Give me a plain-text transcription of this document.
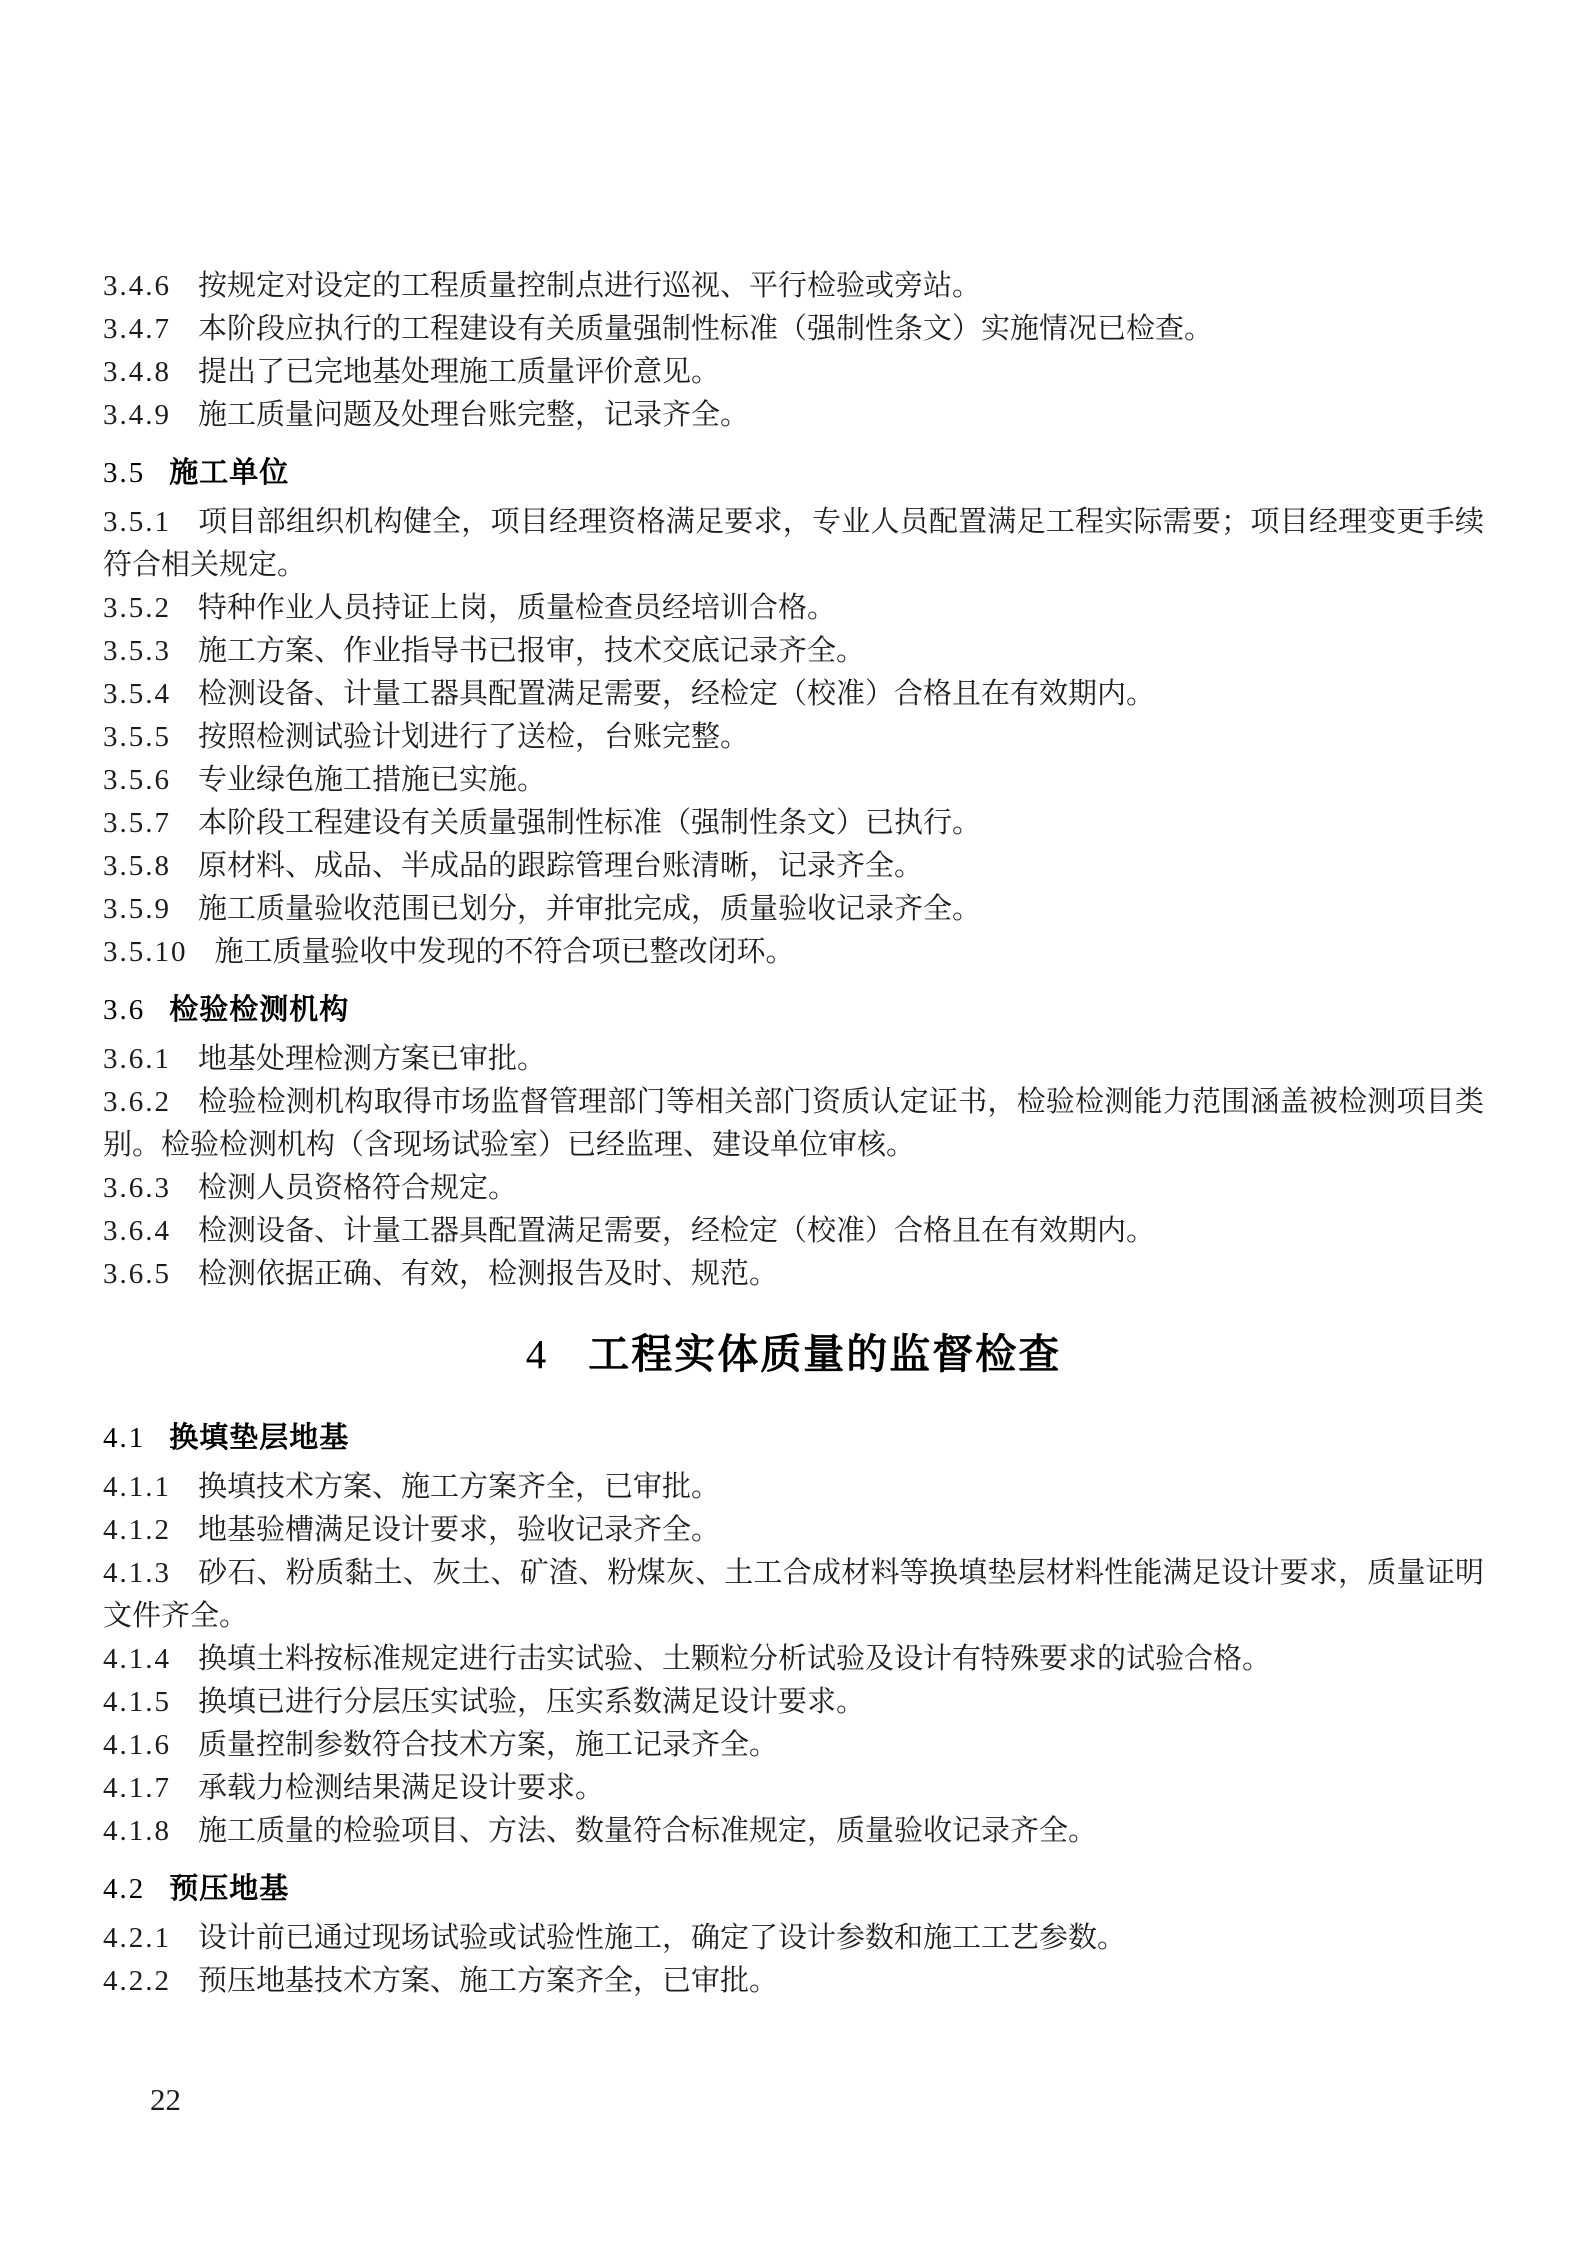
3.4.6 按规定对设定的工程质量控制点进行巡视、平行检验或旁站。

3.4.7 本阶段应执行的工程建设有关质量强制性标准（强制性条文）实施情况已检查。

3.4.8 提出了已完地基处理施工质量评价意见。

3.4.9 施工质量问题及处理台账完整，记录齐全。

3.5 施工单位

3.5.1 项目部组织机构健全，项目经理资格满足要求，专业人员配置满足工程实际需要；项目经理变更手续符合相关规定。

3.5.2 特种作业人员持证上岗，质量检查员经培训合格。

3.5.3 施工方案、作业指导书已报审，技术交底记录齐全。

3.5.4 检测设备、计量工器具配置满足需要，经检定（校准）合格且在有效期内。

3.5.5 按照检测试验计划进行了送检，台账完整。

3.5.6 专业绿色施工措施已实施。

3.5.7 本阶段工程建设有关质量强制性标准（强制性条文）已执行。

3.5.8 原材料、成品、半成品的跟踪管理台账清晰，记录齐全。

3.5.9 施工质量验收范围已划分，并审批完成，质量验收记录齐全。

3.5.10 施工质量验收中发现的不符合项已整改闭环。

3.6 检验检测机构

3.6.1 地基处理检测方案已审批。

3.6.2 检验检测机构取得市场监督管理部门等相关部门资质认定证书，检验检测能力范围涵盖被检测项目类别。检验检测机构（含现场试验室）已经监理、建设单位审核。

3.6.3 检测人员资格符合规定。

3.6.4 检测设备、计量工器具配置满足需要，经检定（校准）合格且在有效期内。

3.6.5 检测依据正确、有效，检测报告及时、规范。

4 工程实体质量的监督检查
4.1 换填垫层地基

4.1.1 换填技术方案、施工方案齐全，已审批。

4.1.2 地基验槽满足设计要求，验收记录齐全。

4.1.3 砂石、粉质黏土、灰土、矿渣、粉煤灰、土工合成材料等换填垫层材料性能满足设计要求，质量证明文件齐全。

4.1.4 换填土料按标准规定进行击实试验、土颗粒分析试验及设计有特殊要求的试验合格。

4.1.5 换填已进行分层压实试验，压实系数满足设计要求。

4.1.6 质量控制参数符合技术方案，施工记录齐全。

4.1.7 承载力检测结果满足设计要求。

4.1.8 施工质量的检验项目、方法、数量符合标准规定，质量验收记录齐全。

4.2 预压地基

4.2.1 设计前已通过现场试验或试验性施工，确定了设计参数和施工工艺参数。

4.2.2 预压地基技术方案、施工方案齐全，已审批。

22
